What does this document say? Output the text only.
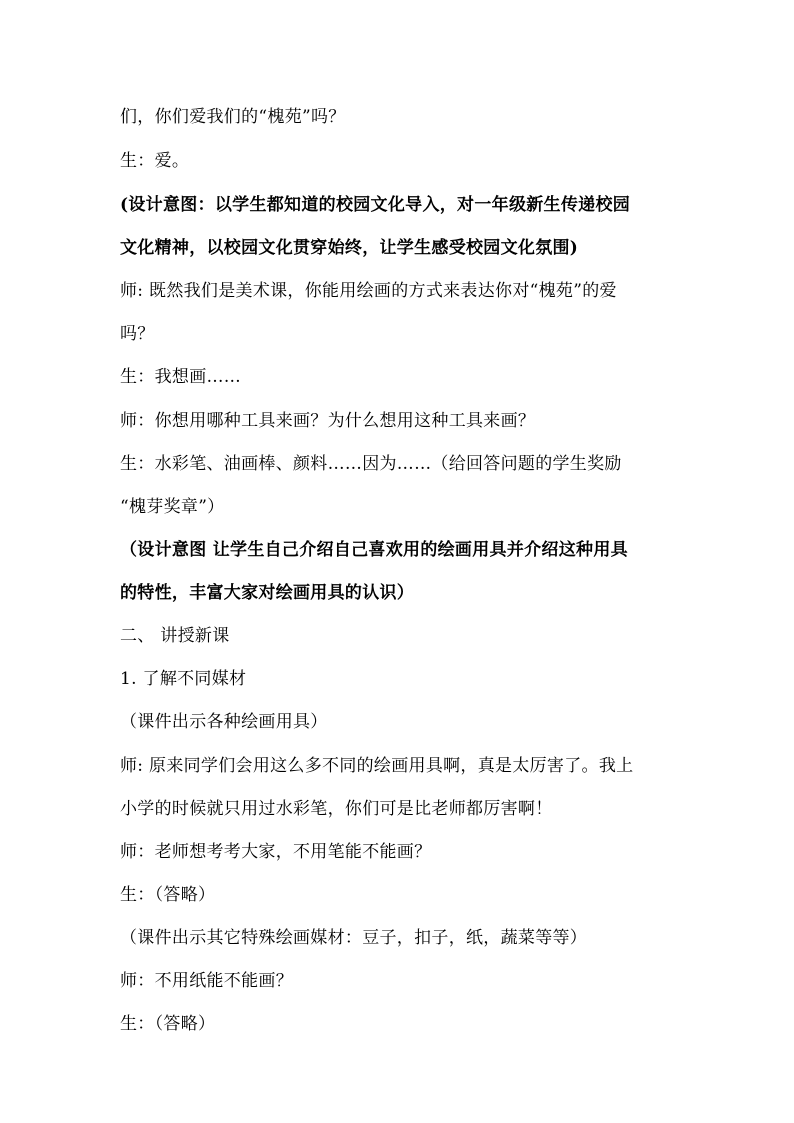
们，你们爱我们的“槐苑”吗？
生：爱。
(设计意图：以学生都知道的校园文化导入，对一年级新生传递校园
文化精神，以校园文化贯穿始终，让学生感受校园文化氛围)
师: 既然我们是美术课，你能用绘画的方式来表达你对“槐苑”的爱
吗？
生：我想画……
师：你想用哪种工具来画？为什么想用这种工具来画？
生：水彩笔、油画棒、颜料……因为……（给回答问题的学生奖励
“槐芽奖章”）
（设计意图 让学生自己介绍自己喜欢用的绘画用具并介绍这种用具
的特性，丰富大家对绘画用具的认识）
二、 讲授新课
1. 了解不同媒材
（课件出示各种绘画用具）
师: 原来同学们会用这么多不同的绘画用具啊，真是太厉害了。我上
小学的时候就只用过水彩笔，你们可是比老师都厉害啊！
师：老师想考考大家，不用笔能不能画？
生：（答略）
（课件出示其它特殊绘画媒材：豆子，扣子，纸，蔬菜等等）
师：不用纸能不能画？
生：（答略）
